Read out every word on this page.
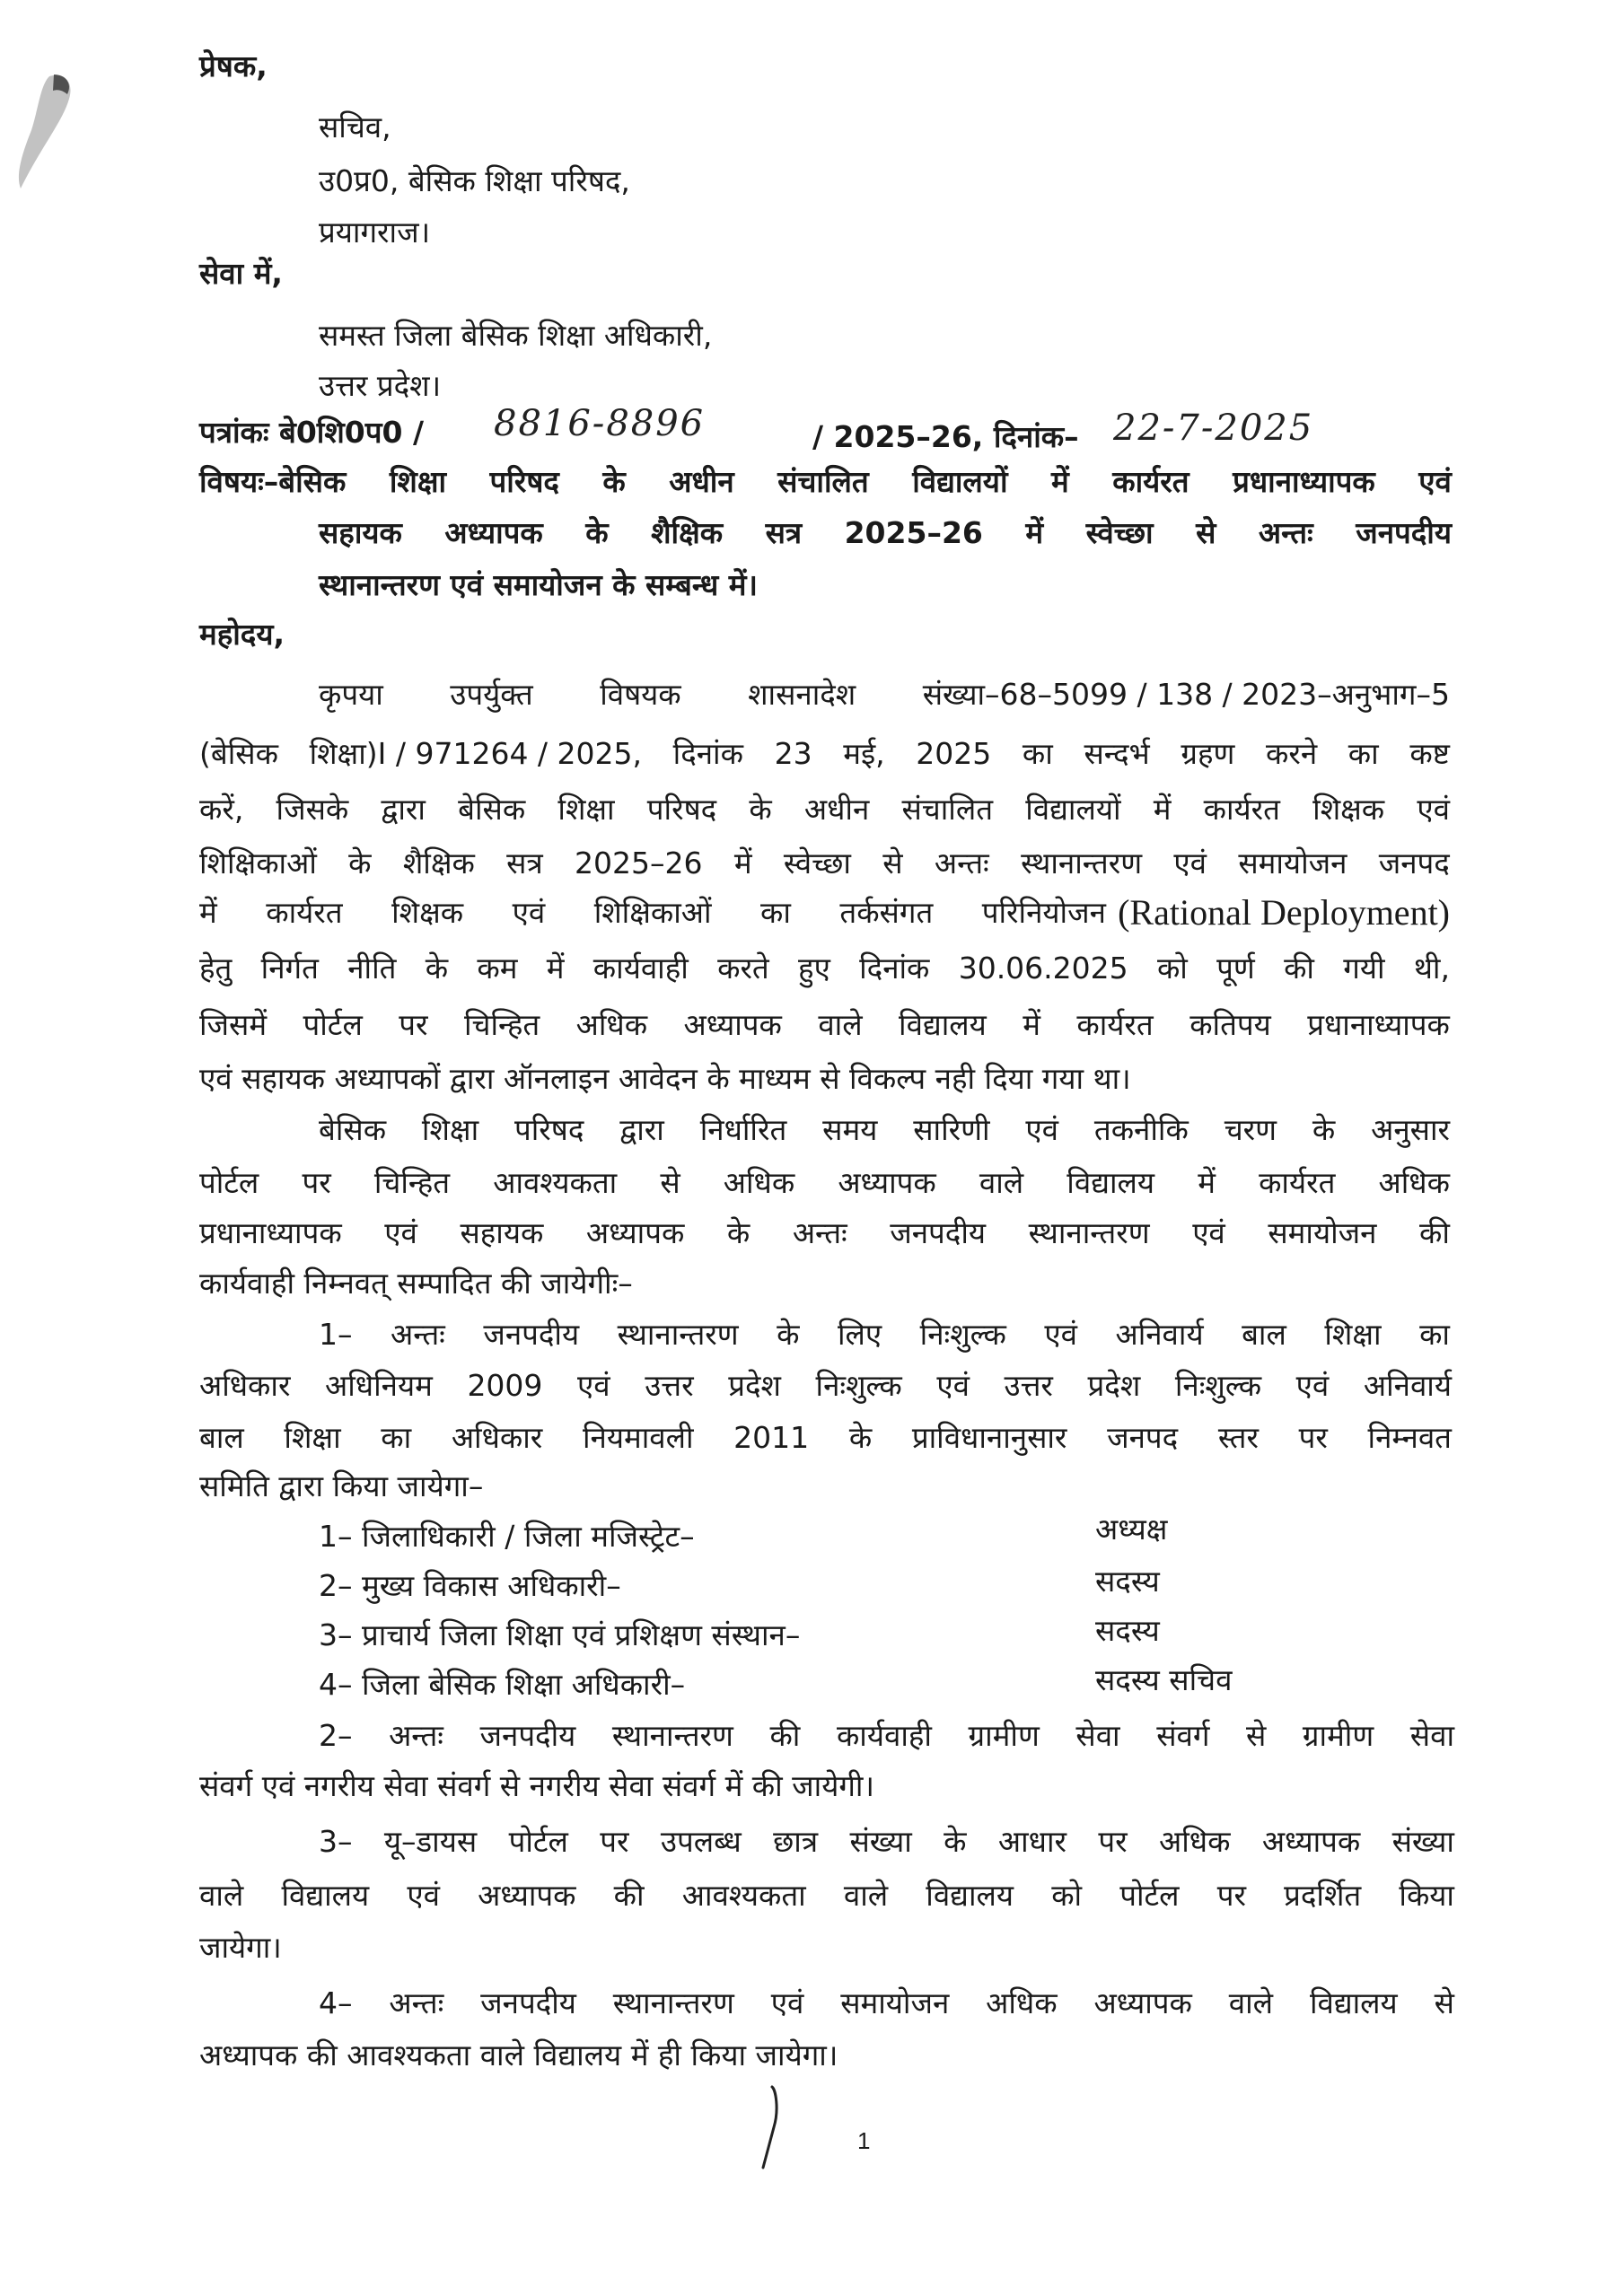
प्रेषक,
सचिव,
उ0प्र0, बेसिक शिक्षा परिषद,
प्रयागराज।
सेवा में,
समस्त जिला बेसिक शिक्षा अधिकारी,
उत्तर प्रदेश।
पत्रांकः बे0शि0प0 / 8816-8896	/ 2025–26, दिनांक– 22-7-2025
विषयः–बेसिक शिक्षा परिषद के अधीन संचालित विद्यालयों में कार्यरत प्रधानाध्यापक एवं
सहायक अध्यापक के शैक्षिक सत्र 2025–26 में स्वेच्छा से अन्तः जनपदीय
स्थानान्तरण एवं समायोजन के सम्बन्ध में।
महोदय,
कृपया उपर्युक्त विषयक शासनादेश संख्या–68–5099 / 138 / 2023–अनुभाग–5
(बेसिक शिक्षा)I / 971264 / 2025, दिनांक 23 मई, 2025 का सन्दर्भ ग्रहण करने का कष्ट
करें, जिसके द्वारा बेसिक शिक्षा परिषद के अधीन संचालित विद्यालयों में कार्यरत शिक्षक एवं
शिक्षिकाओं के शैक्षिक सत्र 2025–26 में स्वेच्छा से अन्तः स्थानान्तरण एवं समायोजन जनपद
में कार्यरत शिक्षक एवं शिक्षिकाओं का तर्कसंगत परिनियोजन (Rational Deployment)
हेतु निर्गत नीति के कम में कार्यवाही करते हुए दिनांक 30.06.2025 को पूर्ण की गयी थी,
जिसमें पोर्टल पर चिन्हित अधिक अध्यापक वाले विद्यालय में कार्यरत कतिपय प्रधानाध्यापक
एवं सहायक अध्यापकों द्वारा ऑनलाइन आवेदन के माध्यम से विकल्प नही दिया गया था।
बेसिक शिक्षा परिषद द्वारा निर्धारित समय सारिणी एवं तकनीकि चरण के अनुसार
पोर्टल पर चिन्हित आवश्यकता से अधिक अध्यापक वाले विद्यालय में कार्यरत अधिक
प्रधानाध्यापक एवं सहायक अध्यापक के अन्तः जनपदीय स्थानान्तरण एवं समायोजन की
कार्यवाही निम्नवत् सम्पादित की जायेगीः–
1– अन्तः जनपदीय स्थानान्तरण के लिए निःशुल्क एवं अनिवार्य बाल शिक्षा का
अधिकार अधिनियम 2009 एवं उत्तर प्रदेश निःशुल्क एवं उत्तर प्रदेश निःशुल्क एवं अनिवार्य
बाल शिक्षा का अधिकार नियमावली 2011 के प्राविधानानुसार जनपद स्तर पर निम्नवत
समिति द्वारा किया जायेगा–
1– जिलाधिकारी / जिला मजिस्ट्रेट–	अध्यक्ष
2– मुख्य विकास अधिकारी–	सदस्य
3– प्राचार्य जिला शिक्षा एवं प्रशिक्षण संस्थान–	सदस्य
4– जिला बेसिक शिक्षा अधिकारी–	सदस्य सचिव
2– अन्तः जनपदीय स्थानान्तरण की कार्यवाही ग्रामीण सेवा संवर्ग से ग्रामीण सेवा
संवर्ग एवं नगरीय सेवा संवर्ग से नगरीय सेवा संवर्ग में की जायेगी।
3– यू–डायस पोर्टल पर उपलब्ध छात्र संख्या के आधार पर अधिक अध्यापक संख्या
वाले विद्यालय एवं अध्यापक की आवश्यकता वाले विद्यालय को पोर्टल पर प्रदर्शित किया
जायेगा।
4– अन्तः जनपदीय स्थानान्तरण एवं समायोजन अधिक अध्यापक वाले विद्यालय से
अध्यापक की आवश्यकता वाले विद्यालय में ही किया जायेगा।
1
